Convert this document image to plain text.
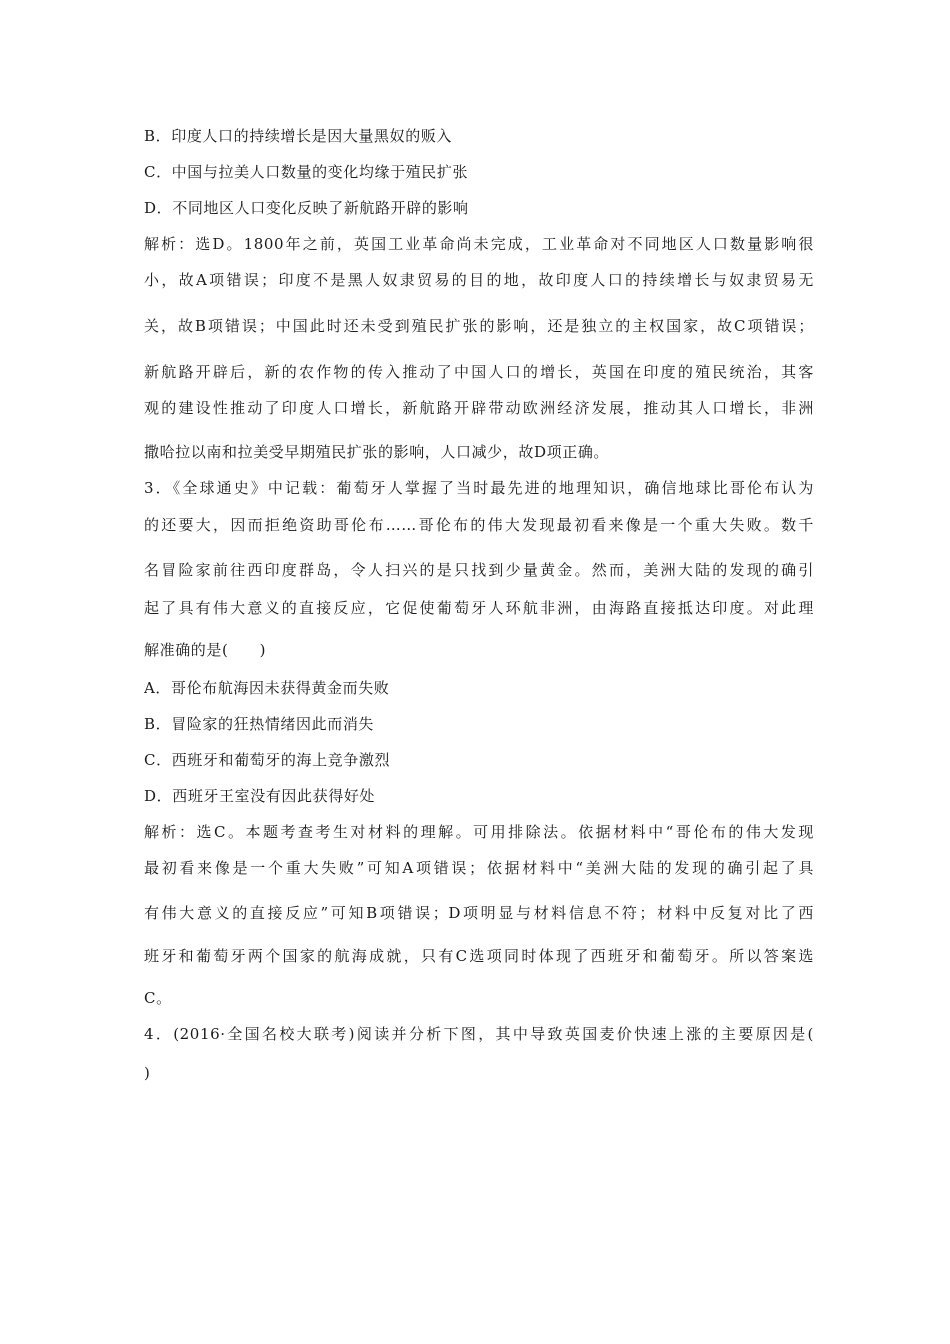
B．印度人口的持续增长是因大量黑奴的贩入
C．中国与拉美人口数量的变化均缘于殖民扩张
D．不同地区人口变化反映了新航路开辟的影响
解析：选D。1800年之前，英国工业革命尚未完成，工业革命对不同地区人口数量影响很
小，故A项错误；印度不是黑人奴隶贸易的目的地，故印度人口的持续增长与奴隶贸易无
关，故B项错误；中国此时还未受到殖民扩张的影响，还是独立的主权国家，故C项错误；
新航路开辟后，新的农作物的传入推动了中国人口的增长，英国在印度的殖民统治，其客
观的建设性推动了印度人口增长，新航路开辟带动欧洲经济发展，推动其人口增长，非洲
撒哈拉以南和拉美受早期殖民扩张的影响，人口减少，故D项正确。
3．《全球通史》中记载：葡萄牙人掌握了当时最先进的地理知识，确信地球比哥伦布认为
的还要大，因而拒绝资助哥伦布……哥伦布的伟大发现最初看来像是一个重大失败。数千
名冒险家前往西印度群岛，令人扫兴的是只找到少量黄金。然而，美洲大陆的发现的确引
起了具有伟大意义的直接反应，它促使葡萄牙人环航非洲，由海路直接抵达印度。对此理
解准确的是(　　)
A．哥伦布航海因未获得黄金而失败
B．冒险家的狂热情绪因此而消失
C．西班牙和葡萄牙的海上竞争激烈
D．西班牙王室没有因此获得好处
解析：选C。本题考查考生对材料的理解。可用排除法。依据材料中“哥伦布的伟大发现
最初看来像是一个重大失败”可知A项错误；依据材料中“美洲大陆的发现的确引起了具
有伟大意义的直接反应”可知B项错误；D项明显与材料信息不符；材料中反复对比了西
班牙和葡萄牙两个国家的航海成就，只有C选项同时体现了西班牙和葡萄牙。所以答案选
C。
4．(2016·全国名校大联考)阅读并分析下图，其中导致英国麦价快速上涨的主要原因是(
)
